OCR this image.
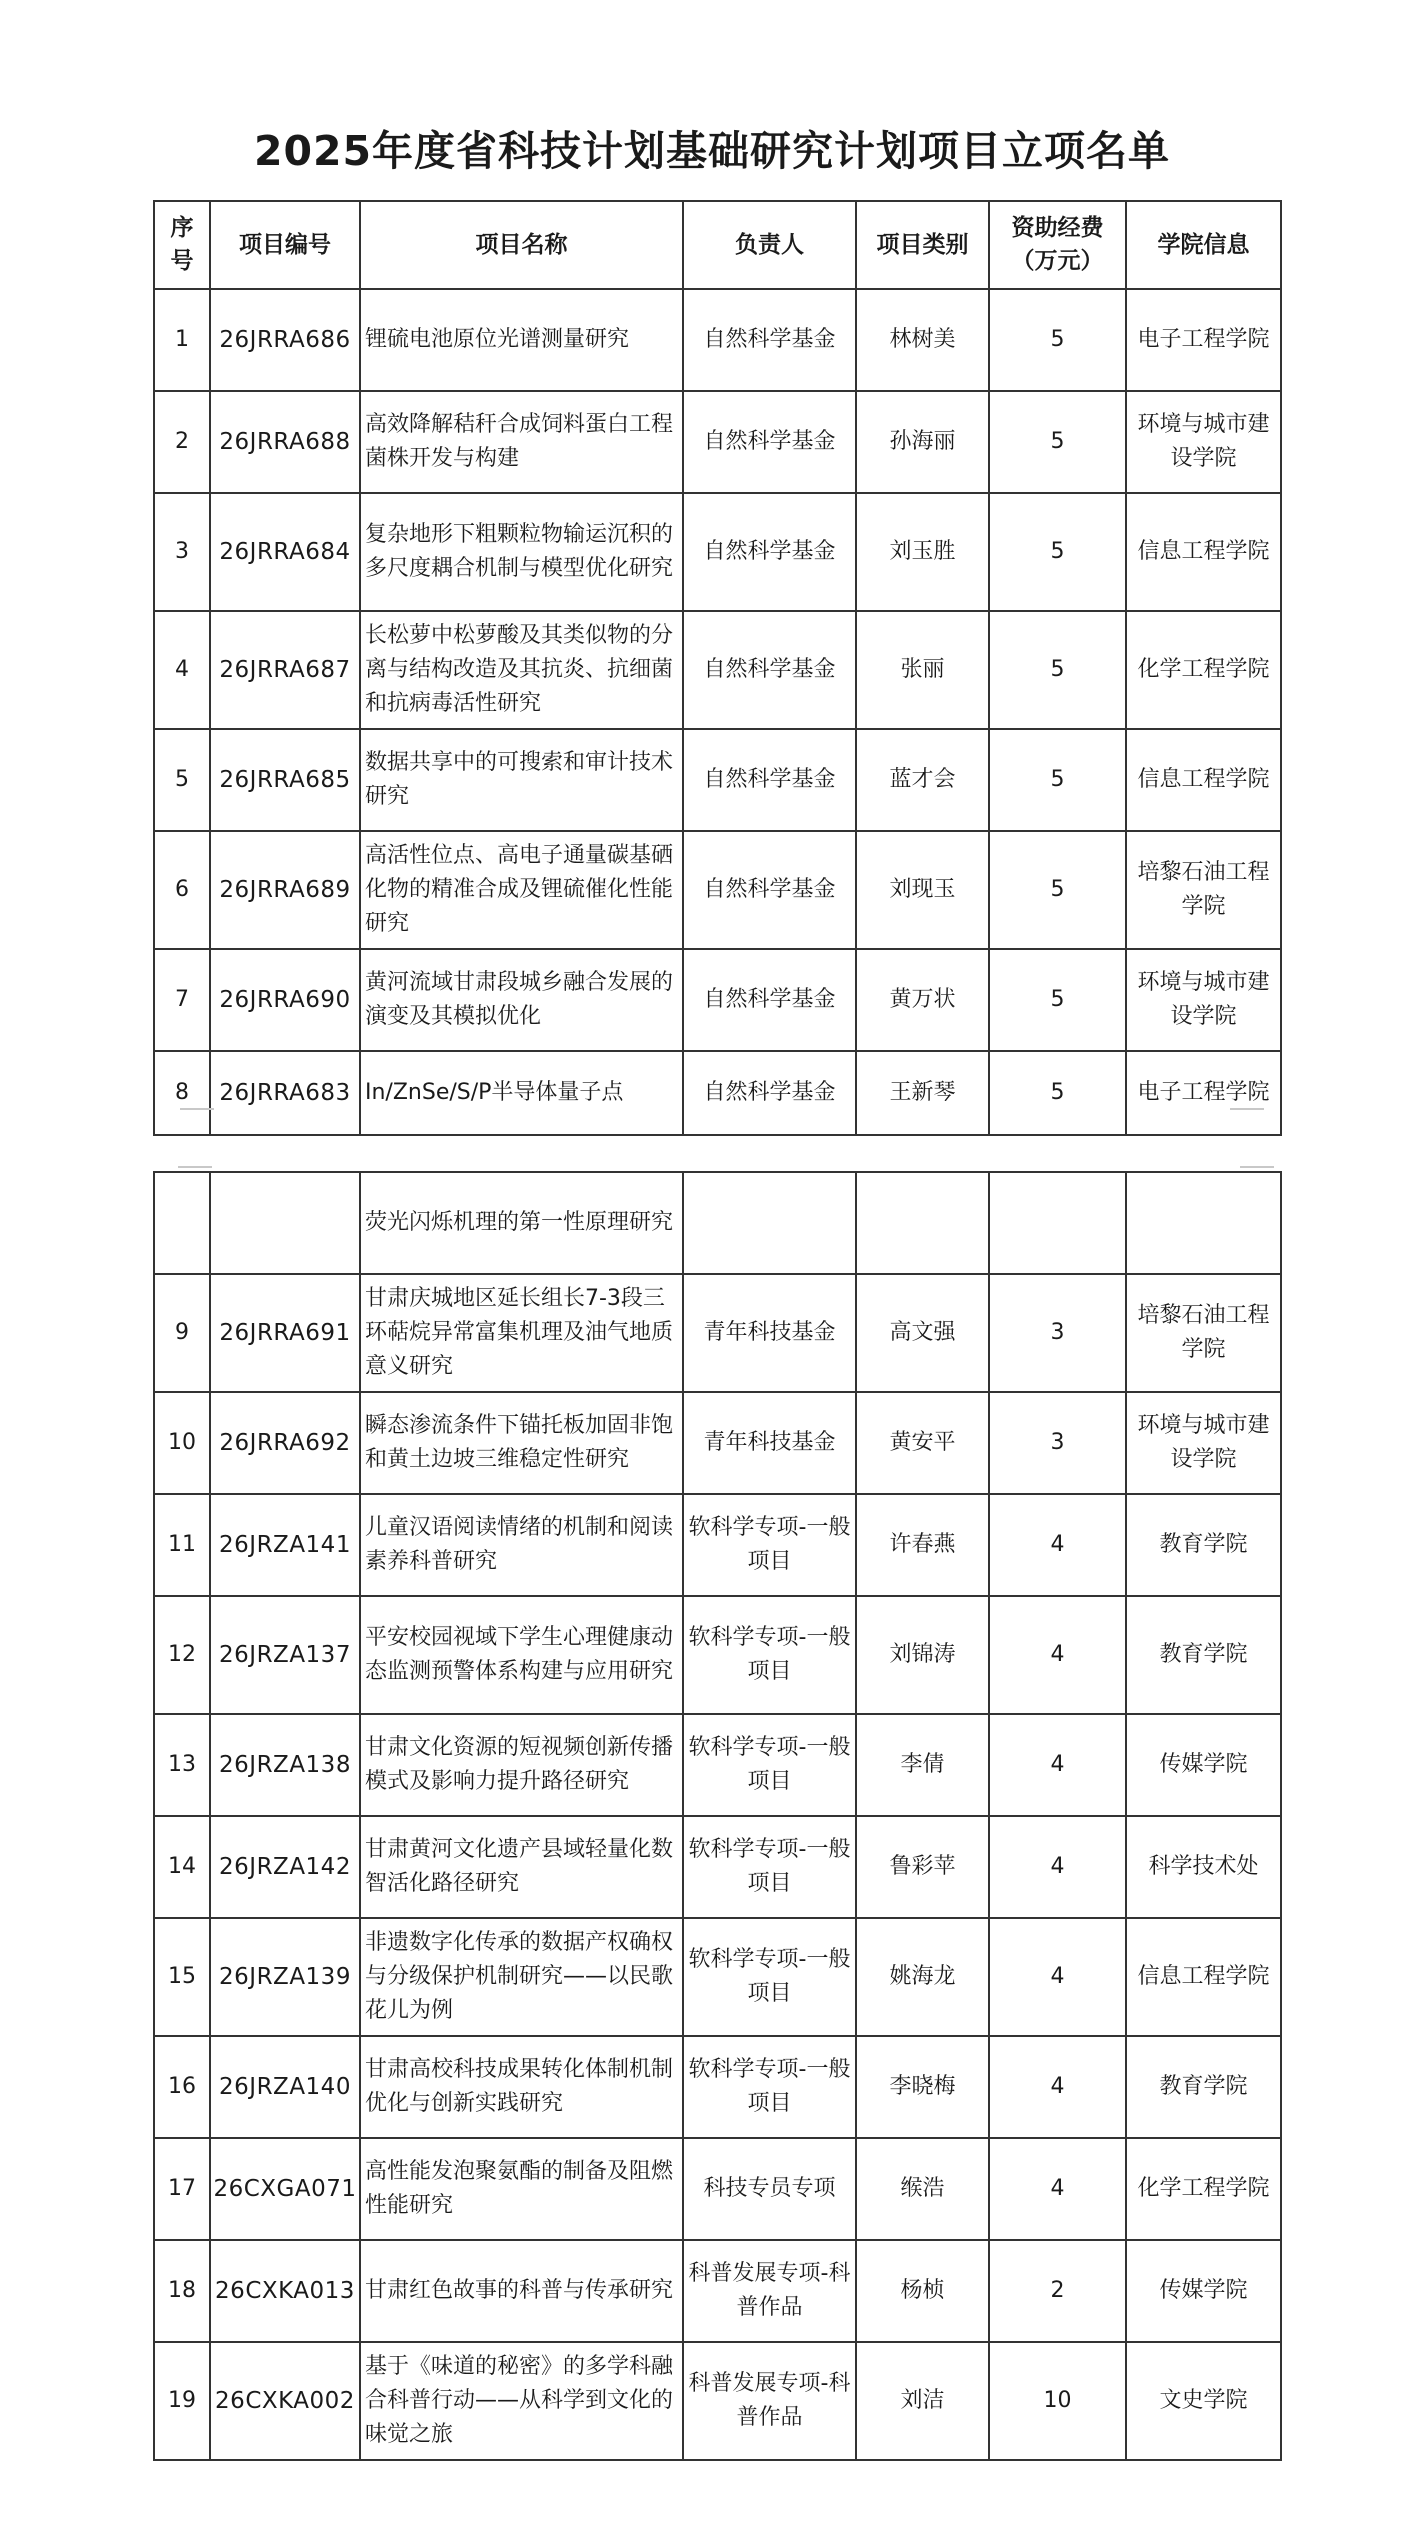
2025年度省科技计划基础研究计划项目立项名单
序号	项目编号	项目名称	负责人	项目类别	资助经费（万元）	学院信息
1	26JRRA686	锂硫电池原位光谱测量研究	自然科学基金	林树美	5	电子工程学院
2	26JRRA688	高效降解秸秆合成饲料蛋白工程菌株开发与构建	自然科学基金	孙海丽	5	环境与城市建设学院
3	26JRRA684	复杂地形下粗颗粒物输运沉积的多尺度耦合机制与模型优化研究	自然科学基金	刘玉胜	5	信息工程学院
4	26JRRA687	长松萝中松萝酸及其类似物的分离与结构改造及其抗炎、抗细菌和抗病毒活性研究	自然科学基金	张丽	5	化学工程学院
5	26JRRA685	数据共享中的可搜索和审计技术研究	自然科学基金	蓝才会	5	信息工程学院
6	26JRRA689	高活性位点、高电子通量碳基硒化物的精准合成及锂硫催化性能研究	自然科学基金	刘现玉	5	培黎石油工程学院
7	26JRRA690	黄河流域甘肃段城乡融合发展的演变及其模拟优化	自然科学基金	黄万状	5	环境与城市建设学院
8	26JRRA683	In/ZnSe/S/P半导体量子点	自然科学基金	王新琴	5	电子工程学院
		荧光闪烁机理的第一性原理研究				
9	26JRRA691	甘肃庆城地区延长组长7-3段三环萜烷异常富集机理及油气地质意义研究	青年科技基金	高文强	3	培黎石油工程学院
10	26JRRA692	瞬态渗流条件下锚托板加固非饱和黄土边坡三维稳定性研究	青年科技基金	黄安平	3	环境与城市建设学院
11	26JRZA141	儿童汉语阅读情绪的机制和阅读素养科普研究	软科学专项-一般项目	许春燕	4	教育学院
12	26JRZA137	平安校园视域下学生心理健康动态监测预警体系构建与应用研究	软科学专项-一般项目	刘锦涛	4	教育学院
13	26JRZA138	甘肃文化资源的短视频创新传播模式及影响力提升路径研究	软科学专项-一般项目	李倩	4	传媒学院
14	26JRZA142	甘肃黄河文化遗产县域轻量化数智活化路径研究	软科学专项-一般项目	鲁彩苹	4	科学技术处
15	26JRZA139	非遗数字化传承的数据产权确权与分级保护机制研究——以民歌花儿为例	软科学专项-一般项目	姚海龙	4	信息工程学院
16	26JRZA140	甘肃高校科技成果转化体制机制优化与创新实践研究	软科学专项-一般项目	李晓梅	4	教育学院
17	26CXGA071	高性能发泡聚氨酯的制备及阻燃性能研究	科技专员专项	缑浩	4	化学工程学院
18	26CXKA013	甘肃红色故事的科普与传承研究	科普发展专项-科普作品	杨桢	2	传媒学院
19	26CXKA002	基于《味道的秘密》的多学科融合科普行动——从科学到文化的味觉之旅	科普发展专项-科普作品	刘洁	10	文史学院
